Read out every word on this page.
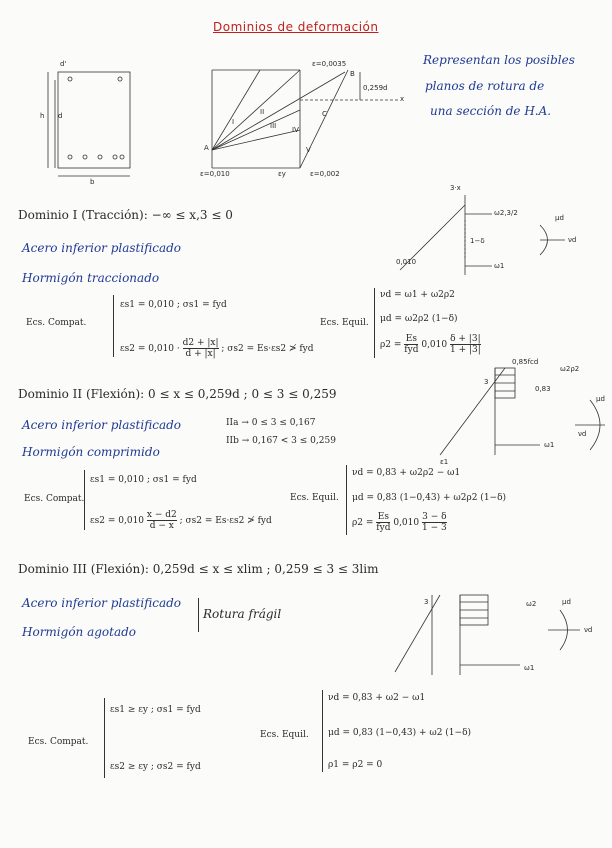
Dominios de deformación
Representan los posibles
planos de rotura de
una sección de H.A.
d'
h d
b
ε=0,0035
B
0,259d
x
C
A
I
II
III IV
V
ε=0,010	εy	ε=0,002
Dominio I (Tracción): −∞ ≤ x,3 ≤ 0
Acero inferior plastificado
Hormigón traccionado
Ecs. Compat.
εs1 = 0,010 ; σs1 = fyd
$\varepsilon s2 = 0,010 \cdot \frac{d2 + |x|}{d + |x|}$ ; σs2 = Es·εs2 ≯ fyd
Ecs. Equil.
νd = ω1 + ω2ρ2
μd = ω2ρ2 (1−δ)
ρ2 =
Es
fyd $0,010 \frac{\delta + |3|}{1 + |3|}$
3·x
ω2,3/2
1−δ
0,010	ω1
μd
νd
Dominio II (Flexión): 0 ≤ x ≤ 0,259d ; 0 ≤ 3 ≤ 0,259
Acero inferior plastificado
Hormigón comprimido
IIa → 0 ≤ 3 ≤ 0,167
IIb → 0,167 < 3 ≤ 0,259
Ecs. Compat.
εs1 = 0,010 ; σs1 = fyd
$\varepsilon s2 = 0,010 \frac{x - d2}{d - x}$ ; σs2 = Es·εs2 ≯ fyd
Ecs. Equil.
νd = 0,83 + ω2ρ2 − ω1
μd = 0,83 (1−0,43) + ω2ρ2 (1−δ)
ρ2 =
Es
fyd $0,010 \frac{3 - \delta}{1 - 3}$
0,85fcd
3
ω2ρ2
0,83
ω1
μd
νd
ε1
Dominio III (Flexión): 0,259d ≤ x ≤ xlim ; 0,259 ≤ 3 ≤ 3lim
Acero inferior plastificado
Hormigón agotado
Rotura frágil
Ecs. Compat.
εs1 ≥ εy ; σs1 = fyd
εs2 ≥ εy ; σs2 = fyd
Ecs. Equil.
νd = 0,83 + ω2 − ω1
μd = 0,83 (1−0,43) + ω2 (1−δ)
ρ1 = ρ2 = 0
3	ω2
ω1
μd
νd
